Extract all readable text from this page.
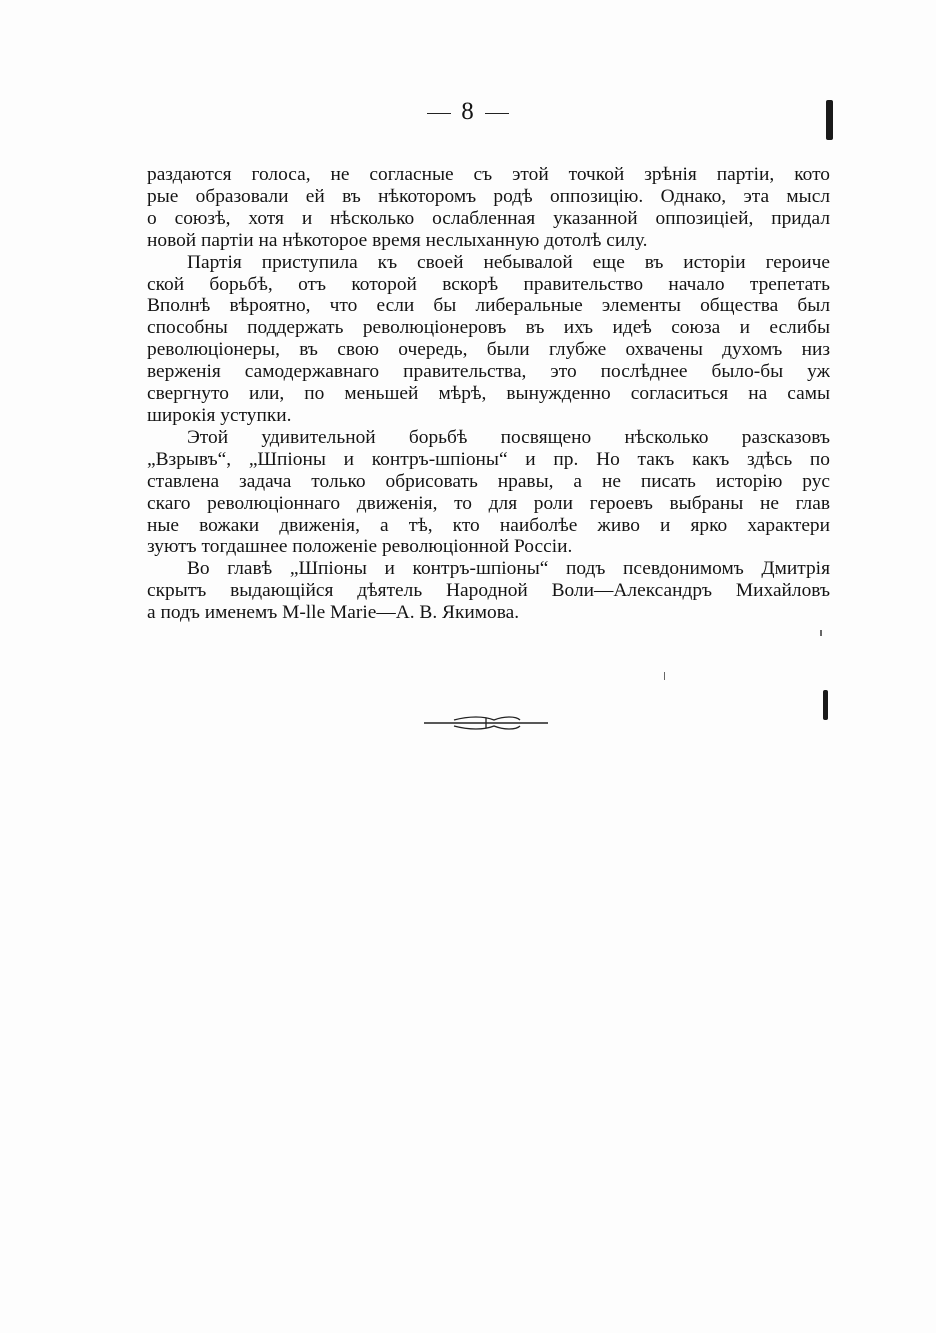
8
раздаются голоса, не согласные съ этой точкой зрѣнія партіи, кото
рые образовали ей въ нѣкоторомъ родѣ оппозицію. Однако, эта мысл
о союзѣ, хотя и нѣсколько ослабленная указанной оппозиціей, придал
новой партіи на нѣкоторое время неслыханную дотолѣ силу.
Партія приступила къ своей небывалой еще въ исторіи героиче
ской борьбѣ, отъ которой вскорѣ правительство начало трепетать
Вполнѣ вѣроятно, что если бы либеральные элементы общества был
способны поддержать революціонеровъ въ ихъ идеѣ союза и еслибы
революціонеры, въ свою очередь, были глубже охвачены духомъ низ
верженія самодержавнаго правительства, это послѣднее было-бы уж
свергнуто или, по меньшей мѣрѣ, вынужденно согласиться на самы
широкія уступки.
Этой удивительной борьбѣ посвящено нѣсколько разсказовъ
„Взрывъ“, „Шпіоны и контръ-шпіоны“ и пр. Но такъ какъ здѣсь по
ставлена задача только обрисовать нравы, а не писать исторію рус
скаго революціоннаго движенія, то для роли героевъ выбраны не глав
ные вожаки движенія, а тѣ, кто наиболѣе живо и ярко характери
зуютъ тогдашнее положеніе революціонной Россіи.
Во главѣ „Шпіоны и контръ-шпіоны“ подъ псевдонимомъ Дмитрія
скрытъ выдающійся дѣятель Народной Воли—Александръ Михайловъ
а подъ именемъ M-lle Marie—А. В. Якимова.
